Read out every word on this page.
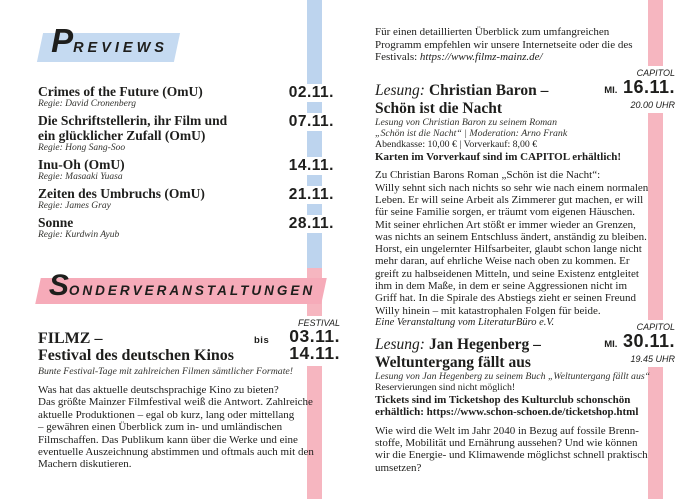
PREVIEWS
Crimes of the Future (OmU)
Regie: David Cronenberg
02.11.
Die Schriftstellerin, ihr Film und
ein glücklicher Zufall (OmU)
Regie: Hong Sang-Soo
07.11.
Inu-Oh (OmU)
Regie: Masaaki Yuasa
14.11.
Zeiten des Umbruchs (OmU)
Regie: James Gray
21.11.
Sonne
Regie: Kurdwin Ayub
28.11.
SONDERVERANSTALTUNGEN
FILMZ –
Festival des deutschen Kinos
Bunte Festival-Tage mit zahlreichen Filmen sämtlicher Formate!
Was hat das aktuelle deutschsprachige Kino zu bieten?
Das größte Mainzer Filmfestival weiß die Antwort. Zahlreiche
aktuelle Produktionen – egal ob kurz, lang oder mittellang
– gewähren einen Überblick zum in- und umländischen
Filmschaffen. Das Publikum kann über die Werke und eine
eventuelle Auszeichnung abstimmen und oftmals auch mit den
Machern diskutieren.
FESTIVAL
bis 03.11.
14.11.
Für einen detaillierten Überblick zum umfangreichen
Programm empfehlen wir unsere Internetseite oder die des
Festivals: https://www.filmz-mainz.de/
Lesung: Christian Baron –
Schön ist die Nacht
Lesung von Christian Baron zu seinem Roman
„Schön ist die Nacht“ | Moderation: Arno Frank
Abendkasse: 10,00 € | Vorverkauf: 8,00 €
Karten im Vorverkauf sind im CAPITOL erhältlich!
Zu Christian Barons Roman „Schön ist die Nacht“:
Willy sehnt sich nach nichts so sehr wie nach einem normalen
Leben. Er will seine Arbeit als Zimmerer gut machen, er will
für seine Familie sorgen, er träumt vom eigenen Häuschen.
Mit seiner ehrlichen Art stößt er immer wieder an Grenzen,
was nichts an seinem Entschluss ändert, anständig zu bleiben.
Horst, ein ungelernter Hilfsarbeiter, glaubt schon lange nicht
mehr daran, auf ehrliche Weise nach oben zu kommen. Er
greift zu halbseidenen Mitteln, und seine Existenz entgleitet
ihm in dem Maße, in dem er seine Aggressionen nicht im
Griff hat. In die Spirale des Abstiegs zieht er seinen Freund
Willy hinein – mit katastrophalen Folgen für beide.
Eine Veranstaltung vom LiteraturBüro e.V.
Lesung: Jan Hegenberg –
Weltuntergang fällt aus
Lesung von Jan Hegenberg zu seinem Buch „Weltuntergang fällt aus“
Reservierungen sind nicht möglich!
Tickets sind im Ticketshop des Kulturclub schonschön
erhältlich: https://www.schon-schoen.de/ticketshop.html
Wie wird die Welt im Jahr 2040 in Bezug auf fossile Brenn-
stoffe, Mobilität und Ernährung aussehen? Und wie können
wir die Energie- und Klimawende möglichst schnell praktisch
umsetzen?
CAPITOL
MI. 16.11.
20.00 UHR
CAPITOL
MI. 30.11.
19.45 UHR
